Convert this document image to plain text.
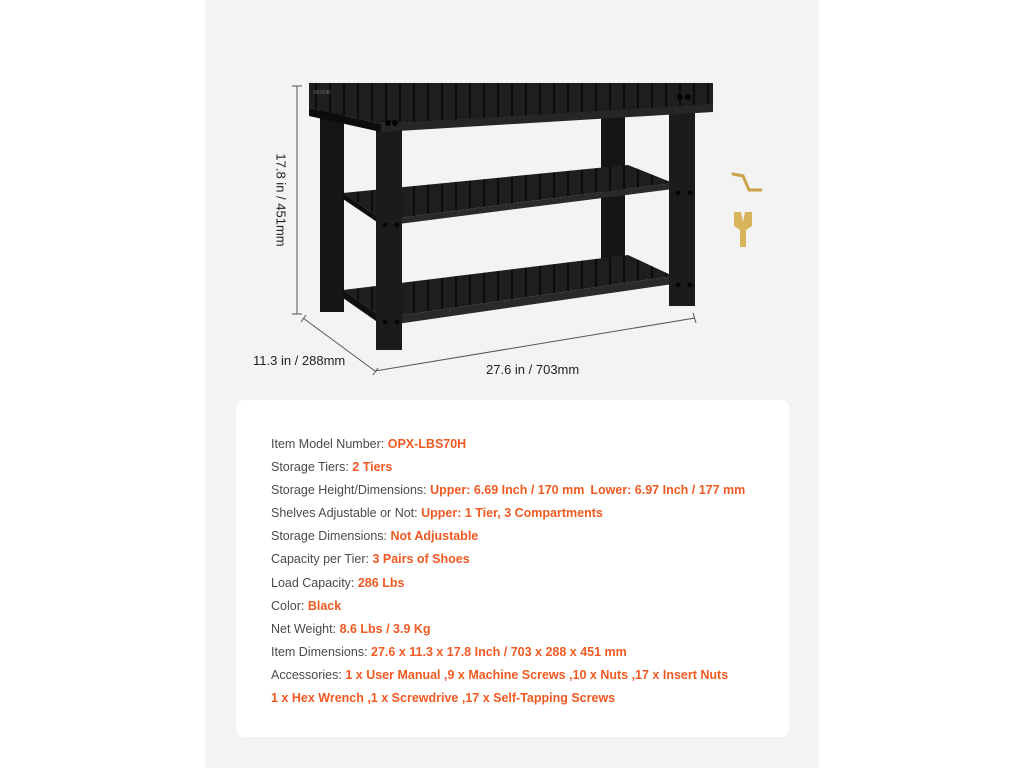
VEVOR
17.8 in / 451mm
11.3 in / 288mm
27.6 in / 703mm
Item Model Number: OPX-LBS70H
Storage Tiers: 2 Tiers
Storage Height/Dimensions: Upper: 6.69 Inch / 170 mm Lower: 6.97 Inch / 177 mm
Shelves Adjustable or Not: Upper: 1 Tier, 3 Compartments
Storage Dimensions: Not Adjustable
Capacity per Tier: 3 Pairs of Shoes
Load Capacity: 286 Lbs
Color: Black
Net Weight: 8.6 Lbs / 3.9 Kg
Item Dimensions: 27.6 x 11.3 x 17.8 Inch / 703 x 288 x 451 mm
Accessories: 1 x User Manual ,9 x Machine Screws ,10 x Nuts ,17 x Insert Nuts
1 x Hex Wrench ,1 x Screwdrive ,17 x Self-Tapping Screws
